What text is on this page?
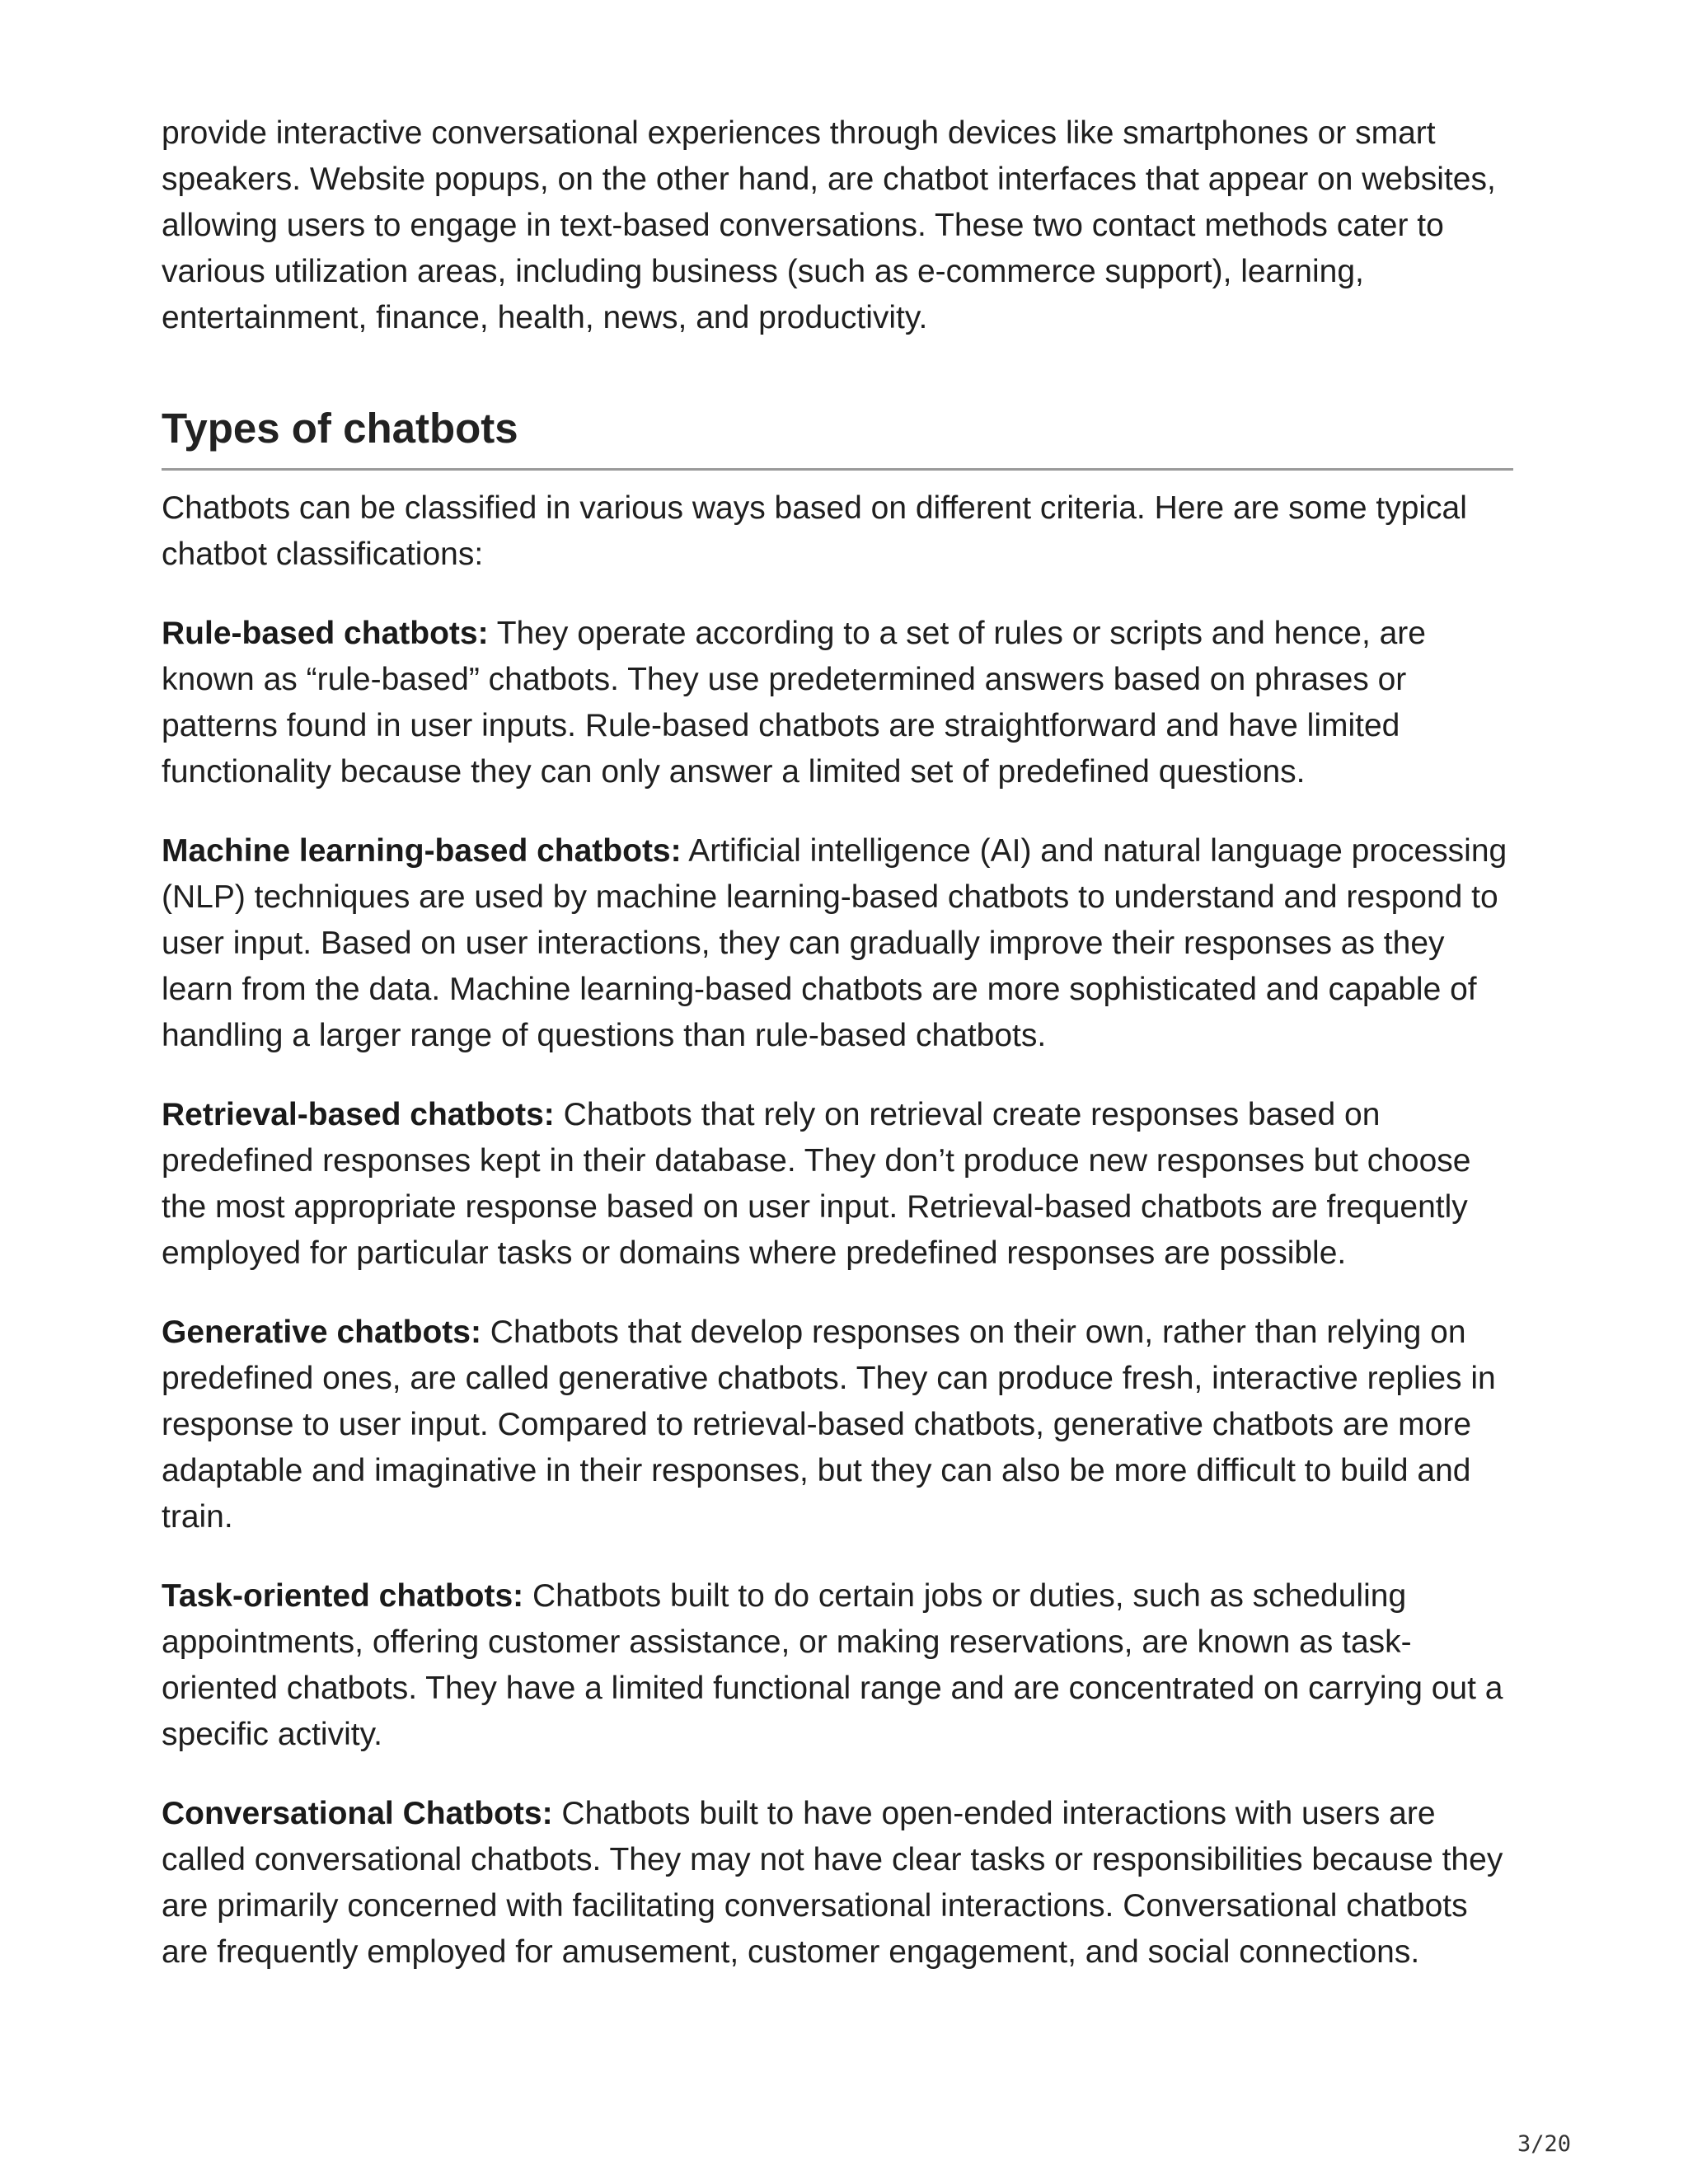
provide interactive conversational experiences through devices like smartphones or smart speakers. Website popups, on the other hand, are chatbot interfaces that appear on websites, allowing users to engage in text-based conversations. These two contact methods cater to various utilization areas, including business (such as e-commerce support), learning, entertainment, finance, health, news, and productivity.

Types of chatbots

Chatbots can be classified in various ways based on different criteria. Here are some typical chatbot classifications:

Rule-based chatbots: They operate according to a set of rules or scripts and hence, are known as “rule-based” chatbots. They use predetermined answers based on phrases or patterns found in user inputs. Rule-based chatbots are straightforward and have limited functionality because they can only answer a limited set of predefined questions.

Machine learning-based chatbots: Artificial intelligence (AI) and natural language processing (NLP) techniques are used by machine learning-based chatbots to understand and respond to user input. Based on user interactions, they can gradually improve their responses as they learn from the data. Machine learning-based chatbots are more sophisticated and capable of handling a larger range of questions than rule-based chatbots.

Retrieval-based chatbots: Chatbots that rely on retrieval create responses based on predefined responses kept in their database. They don’t produce new responses but choose the most appropriate response based on user input. Retrieval-based chatbots are frequently employed for particular tasks or domains where predefined responses are possible.

Generative chatbots: Chatbots that develop responses on their own, rather than relying on predefined ones, are called generative chatbots. They can produce fresh, interactive replies in response to user input. Compared to retrieval-based chatbots, generative chatbots are more adaptable and imaginative in their responses, but they can also be more difficult to build and train.

Task-oriented chatbots: Chatbots built to do certain jobs or duties, such as scheduling appointments, offering customer assistance, or making reservations, are known as task-oriented chatbots. They have a limited functional range and are concentrated on carrying out a specific activity.

Conversational Chatbots: Chatbots built to have open-ended interactions with users are called conversational chatbots. They may not have clear tasks or responsibilities because they are primarily concerned with facilitating conversational interactions. Conversational chatbots are frequently employed for amusement, customer engagement, and social connections.

3/20
